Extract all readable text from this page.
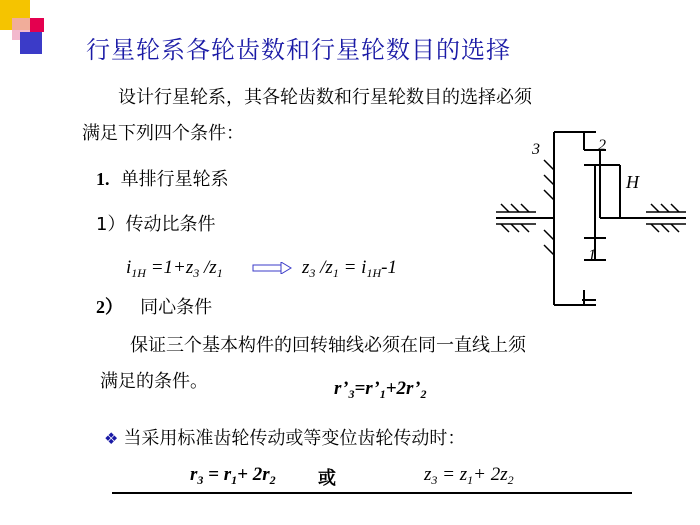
行星轮系各轮齿数和行星轮数目的选择
设计行星轮系，其各轮齿数和行星轮数目的选择必须
满足下列四个条件：
1. 单排行星轮系
1）传动比条件
$i_{1H} =1+z_3$ $/z_1$	$z_3$ $/z_1 = i_{1H}-1$
2） 同心条件
保证三个基本构件的回转轴线必须在同一直线上须
满足的条件。	$r’_3=r’_1+2r’_2$
❖ 当采用标准齿轮传动或等变位齿轮传动时：
$r_3 = r_1+ 2r_2$ 或	$z_3 = z_1+ 2z_2$
3	2
H
1
